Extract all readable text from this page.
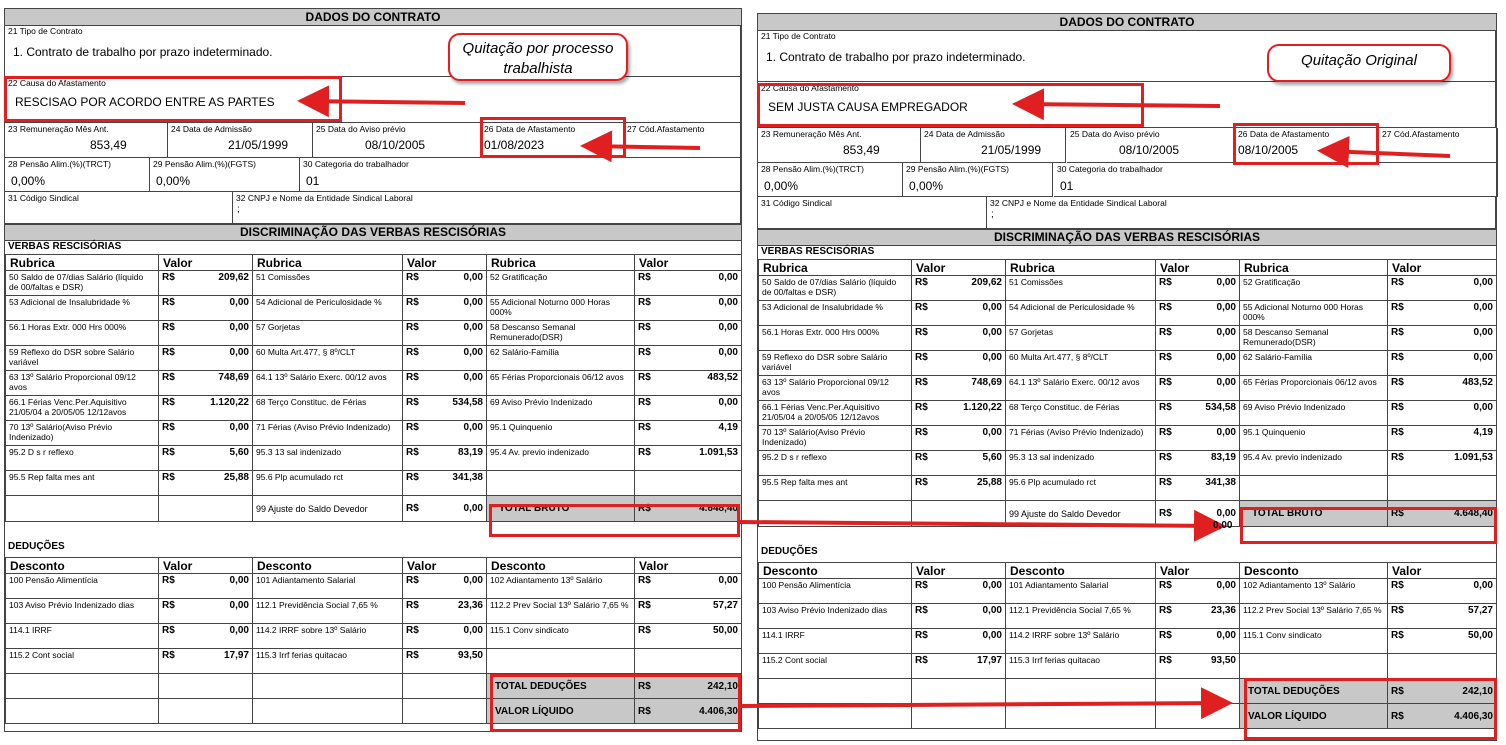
DADOS DO CONTRATO
21 Tipo de Contrato
1. Contrato de trabalho por prazo indeterminado.
22 Causa do Afastamento
RESCISAO POR ACORDO ENTRE AS PARTES
23 Remuneração Mês Ant.
853,49
24 Data de Admissão
21/05/1999
25 Data do Aviso prévio
08/10/2005
26 Data de Afastamento
01/08/2023
27 Cód.Afastamento
28 Pensão Alim.(%)(TRCT)
0,00%
29 Pensão Alim.(%)(FGTS)
0,00%
30 Categoria do trabalhador
01
31 Código Sindical	32 CNPJ e Nome da Entidade Sindical Laboral
;
DISCRIMINAÇÃO DAS VERBAS RESCISÓRIAS
VERBAS RESCISÓRIAS
Rubrica	Valor	Rubrica	Valor	Rubrica	Valor
50 Saldo de 07/dias Salário (líquido de 00/faltas e DSR)	R$ 209,62	51 Comissões	R$ 0,00	52 Gratificação	R$ 0,00

53 Adicional de Insalubridade %	R$ 0,00	54 Adicional de Periculosidade %	R$ 0,00	55 Adicional Noturno 000 Horas 000%	R$ 0,00

56.1 Horas Extr. 000 Hrs 000%	R$ 0,00	57 Gorjetas	R$ 0,00	58 Descanso Semanal Remunerado(DSR)	R$ 0,00

59 Reflexo do DSR sobre Salário variável	R$ 0,00	60 Multa Art.477, § 8º/CLT	R$ 0,00	62 Salário-Família	R$ 0,00

63 13º Salário Proporcional 09/12 avos	R$ 748,69	64.1 13º Salário Exerc. 00/12 avos	R$ 0,00	65 Férias Proporcionais 06/12 avos	R$ 483,52

66.1 Férias Venc.Per.Aquisitivo 21/05/04 a 20/05/05 12/12avos	R$ 1.120,22	68 Terço Constituc. de Férias	R$ 534,58	69 Aviso Prévio Indenizado	R$ 0,00

70 13º Salário(Aviso Prévio Indenizado)	R$ 0,00	71 Férias (Aviso Prévio Indenizado)	R$ 0,00	95.1 Quinquenio	R$ 4,19

95.2 D s r reflexo	R$ 5,60	95.3 13 sal indenizado	R$ 83,19	95.4 Av. previo indenizado	R$ 1.091,53

95.5 Rep falta mes ant	R$ 25,88	95.6 Plp acumulado rct	R$ 341,38		

		99 Ajuste do Saldo Devedor	R$ 0,00	TOTAL BRUTO	R$ 4.648,40
DEDUÇÕES
Desconto	Valor	Desconto	Valor	Desconto	Valor
100 Pensão Alimentícia	R$ 0,00	101 Adiantamento Salarial	R$ 0,00	102 Adiantamento 13º Salário	R$ 0,00

103 Aviso Prévio Indenizado dias	R$ 0,00	112.1 Previdência Social 7,65 %	R$ 23,36	112.2 Prev Social 13º Salário 7,65 %	R$ 57,27

114.1 IRRF	R$ 0,00	114.2 IRRF sobre 13º Salário	R$ 0,00	115.1 Conv sindicato	R$ 50,00

115.2 Cont social	R$ 17,97	115.3 Irrf ferias quitacao	R$ 93,50		

				TOTAL DEDUÇÕES	R$ 242,10

				VALOR LÍQUIDO	R$ 4.406,30
DADOS DO CONTRATO
21 Tipo de Contrato
1. Contrato de trabalho por prazo indeterminado.
22 Causa do Afastamento
SEM JUSTA CAUSA EMPREGADOR
23 Remuneração Mês Ant.
853,49
24 Data de Admissão
21/05/1999
25 Data do Aviso prévio
08/10/2005
26 Data de Afastamento
08/10/2005
27 Cód.Afastamento
28 Pensão Alim.(%)(TRCT)
0,00%
29 Pensão Alim.(%)(FGTS)
0,00%
30 Categoria do trabalhador
01
31 Código Sindical	32 CNPJ e Nome da Entidade Sindical Laboral
;
DISCRIMINAÇÃO DAS VERBAS RESCISÓRIAS
VERBAS RESCISÓRIAS
Rubrica	Valor	Rubrica	Valor	Rubrica	Valor
50 Saldo de 07/dias Salário (líquido de 00/faltas e DSR)	R$ 209,62	51 Comissões	R$ 0,00	52 Gratificação	R$ 0,00

53 Adicional de Insalubridade %	R$ 0,00	54 Adicional de Periculosidade %	R$ 0,00	55 Adicional Noturno 000 Horas 000%	R$ 0,00

56.1 Horas Extr. 000 Hrs 000%	R$ 0,00	57 Gorjetas	R$ 0,00	58 Descanso Semanal Remunerado(DSR)	R$ 0,00

59 Reflexo do DSR sobre Salário variável	R$ 0,00	60 Multa Art.477, § 8º/CLT	R$ 0,00	62 Salário-Família	R$ 0,00

63 13º Salário Proporcional 09/12 avos	R$ 748,69	64.1 13º Salário Exerc. 00/12 avos	R$ 0,00	65 Férias Proporcionais 06/12 avos	R$ 483,52

66.1 Férias Venc.Per.Aquisitivo 21/05/04 a 20/05/05 12/12avos	R$ 1.120,22	68 Terço Constituc. de Férias	R$ 534,58	69 Aviso Prévio Indenizado	R$ 0,00

70 13º Salário(Aviso Prévio Indenizado)	R$ 0,00	71 Férias (Aviso Prévio Indenizado)	R$ 0,00	95.1 Quinquenio	R$ 4,19

95.2 D s r reflexo	R$ 5,60	95.3 13 sal indenizado	R$ 83,19	95.4 Av. previo indenizado	R$ 1.091,53

95.5 Rep falta mes ant	R$ 25,88	95.6 Plp acumulado rct	R$ 341,38		

		99 Ajuste do Saldo Devedor	R$ 0,00	TOTAL BRUTO	R$ 4.648,40
DEDUÇÕES
Desconto	Valor	Desconto	Valor	Desconto	Valor
100 Pensão Alimentícia	R$ 0,00	101 Adiantamento Salarial	R$ 0,00	102 Adiantamento 13º Salário	R$ 0,00

103 Aviso Prévio Indenizado dias	R$ 0,00	112.1 Previdência Social 7,65 %	R$ 23,36	112.2 Prev Social 13º Salário 7,65 %	R$ 57,27

114.1 IRRF	R$ 0,00	114.2 IRRF sobre 13º Salário	R$ 0,00	115.1 Conv sindicato	R$ 50,00

115.2 Cont social	R$ 17,97	115.3 Irrf ferias quitacao	R$ 93,50		

				TOTAL DEDUÇÕES	R$ 242,10

				VALOR LÍQUIDO	R$ 4.406,30
Quitação por processo trabalhista	Quitação Original
0,00
